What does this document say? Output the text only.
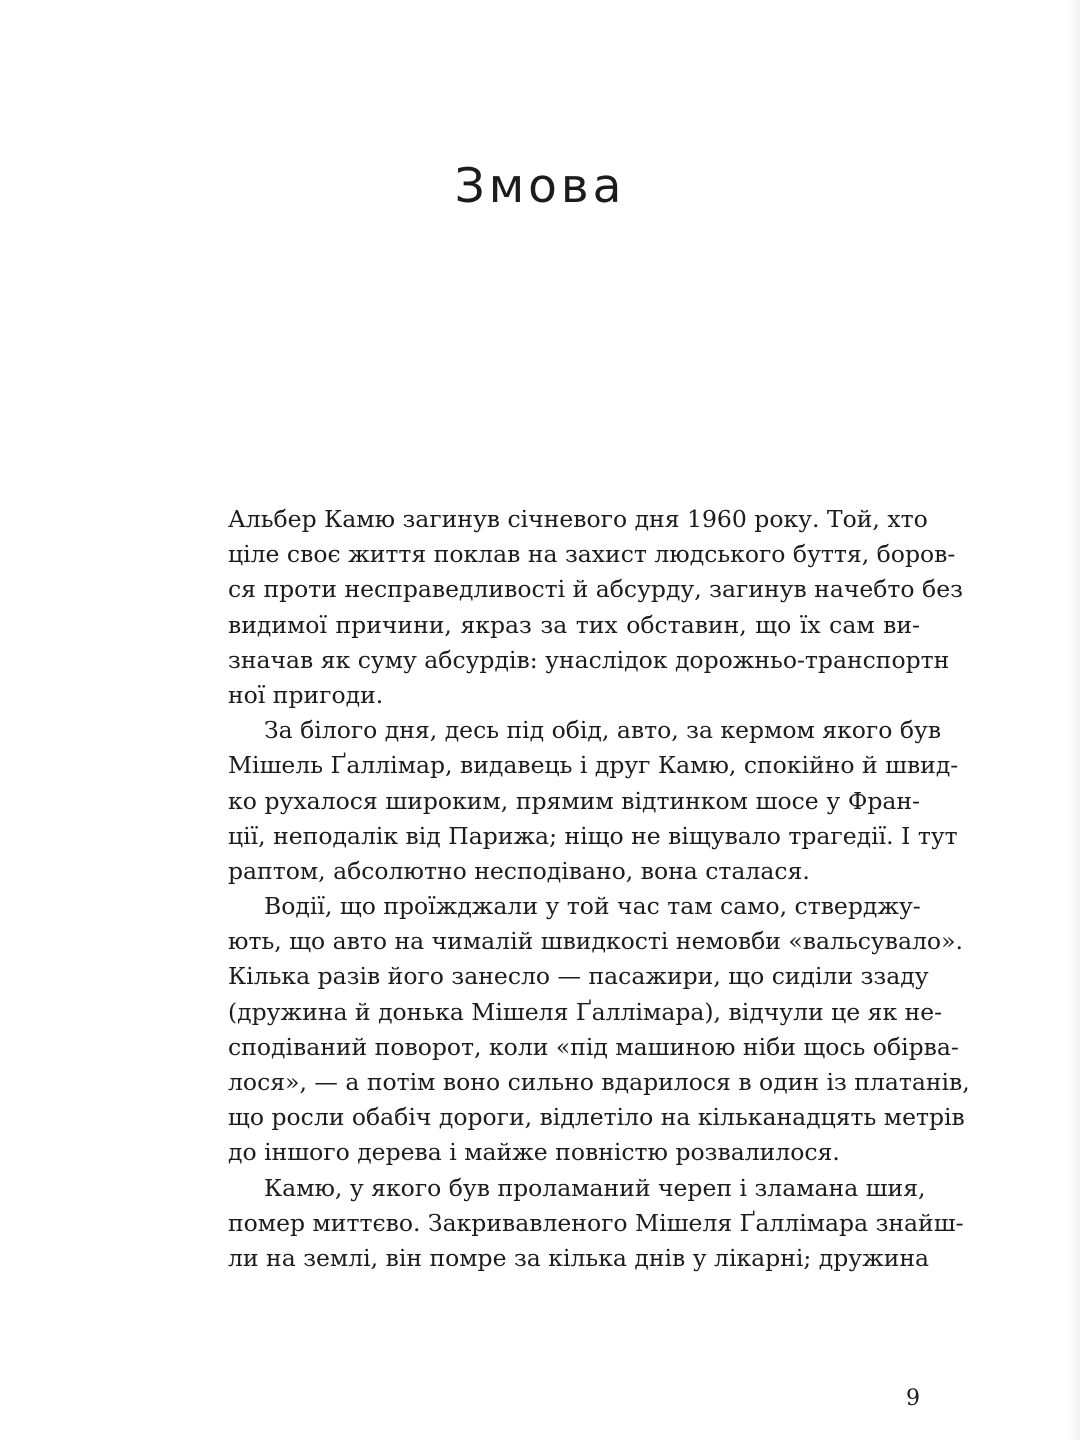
Змова
Альбер Камю загинув січневого дня 1960 року. Той, хто
ціле своє життя поклав на захист людського буття, боров-
ся проти несправедливості й абсурду, загинув начебто без
видимої причини, якраз за тих обставин, що їх сам ви-
значав як суму абсурдів: унаслідок дорожньо-транспортн
ної пригоди.
За білого дня, десь під обід, авто, за кермом якого був
Мішель Ґаллімар, видавець і друг Камю, спокійно й швид-
ко рухалося широким, прямим відтинком шосе у Фран-
ції, неподалік від Парижа; ніщо не віщувало трагедії. І тут
раптом, абсолютно несподівано, вона сталася.
Водії, що проїжджали у той час там само, стверджу-
ють, що авто на чималій швидкості немовби «вальсувало».
Кілька разів його занесло — пасажири, що сиділи ззаду
(дружина й донька Мішеля Ґаллімара), відчули це як не-
сподіваний поворот, коли «під машиною ніби щось обірва-
лося», — а потім воно сильно вдарилося в один із платанів,
що росли обабіч дороги, відлетіло на кільканадцять метрів
до іншого дерева і майже повністю розвалилося.
Камю, у якого був проламаний череп і зламана шия,
помер миттєво. Закривавленого Мішеля Ґаллімара знайш-
ли на землі, він помре за кілька днів у лікарні; дружина
9
